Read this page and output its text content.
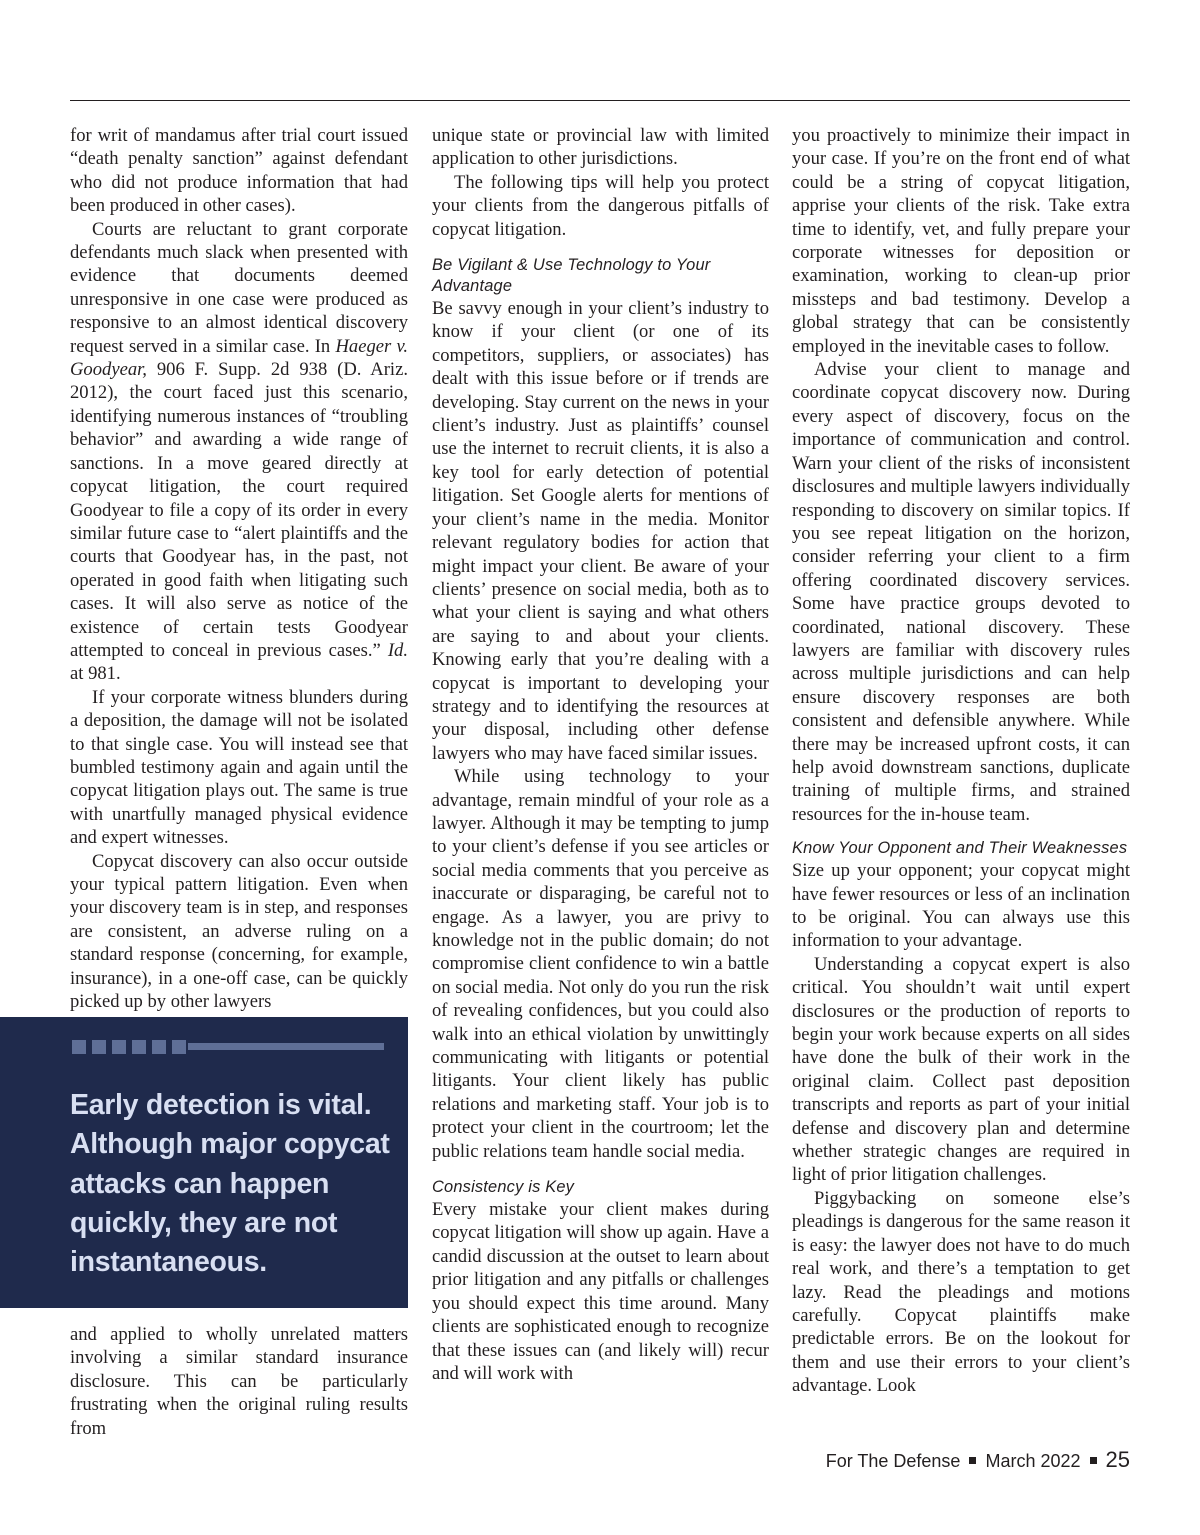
for writ of mandamus after trial court issued “death penalty sanction” against defendant who did not produce information that had been produced in other cases).

Courts are reluctant to grant corporate defendants much slack when presented with evidence that documents deemed unresponsive in one case were produced as responsive to an almost identical discovery request served in a similar case. In Haeger v. Goodyear, 906 F. Supp. 2d 938 (D. Ariz. 2012), the court faced just this scenario, identifying numerous instances of “troubling behavior” and awarding a wide range of sanctions. In a move geared directly at copycat litigation, the court required Goodyear to file a copy of its order in every similar future case to “alert plaintiffs and the courts that Goodyear has, in the past, not operated in good faith when litigating such cases. It will also serve as notice of the existence of certain tests Goodyear attempted to conceal in previous cases.” Id. at 981.

If your corporate witness blunders during a deposition, the damage will not be isolated to that single case. You will instead see that bumbled testimony again and again until the copycat litigation plays out. The same is true with unartfully managed physical evidence and expert witnesses.

Copycat discovery can also occur outside your typical pattern litigation. Even when your discovery team is in step, and responses are consistent, an adverse ruling on a standard response (concerning, for example, insurance), in a one-off case, can be quickly picked up by other lawyers

Early detection is vital. Although major copycat attacks can happen quickly, they are not instantaneous.

and applied to wholly unrelated matters involving a similar standard insurance disclosure. This can be particularly frustrating when the original ruling results from

unique state or provincial law with limited application to other jurisdictions.

The following tips will help you protect your clients from the dangerous pitfalls of copycat litigation.

Be Vigilant & Use Technology to Your Advantage

Be savvy enough in your client’s industry to know if your client (or one of its competitors, suppliers, or associates) has dealt with this issue before or if trends are developing. Stay current on the news in your client’s industry. Just as plaintiffs’ counsel use the internet to recruit clients, it is also a key tool for early detection of potential litigation. Set Google alerts for mentions of your client’s name in the media. Monitor relevant regulatory bodies for action that might impact your client. Be aware of your clients’ presence on social media, both as to what your client is saying and what others are saying to and about your clients. Knowing early that you’re dealing with a copycat is important to developing your strategy and to identifying the resources at your disposal, including other defense lawyers who may have faced similar issues.

While using technology to your advantage, remain mindful of your role as a lawyer. Although it may be tempting to jump to your client’s defense if you see articles or social media comments that you perceive as inaccurate or disparaging, be careful not to engage. As a lawyer, you are privy to knowledge not in the public domain; do not compromise client confidence to win a battle on social media. Not only do you run the risk of revealing confidences, but you could also walk into an ethical violation by unwittingly communicating with litigants or potential litigants. Your client likely has public relations and marketing staff. Your job is to protect your client in the courtroom; let the public relations team handle social media.

Consistency is Key

Every mistake your client makes during copycat litigation will show up again. Have a candid discussion at the outset to learn about prior litigation and any pitfalls or challenges you should expect this time around. Many clients are sophisticated enough to recognize that these issues can (and likely will) recur and will work with

you proactively to minimize their impact in your case. If you’re on the front end of what could be a string of copycat litigation, apprise your clients of the risk. Take extra time to identify, vet, and fully prepare your corporate witnesses for deposition or examination, working to clean-up prior missteps and bad testimony. Develop a global strategy that can be consistently employed in the inevitable cases to follow.

Advise your client to manage and coordinate copycat discovery now. During every aspect of discovery, focus on the importance of communication and control. Warn your client of the risks of inconsistent disclosures and multiple lawyers individually responding to discovery on similar topics. If you see repeat litigation on the horizon, consider referring your client to a firm offering coordinated discovery services. Some have practice groups devoted to coordinated, national discovery. These lawyers are familiar with discovery rules across multiple jurisdictions and can help ensure discovery responses are both consistent and defensible anywhere. While there may be increased upfront costs, it can help avoid downstream sanctions, duplicate training of multiple firms, and strained resources for the in-house team.

Know Your Opponent and Their Weaknesses

Size up your opponent; your copycat might have fewer resources or less of an inclination to be original. You can always use this information to your advantage.

Understanding a copycat expert is also critical. You shouldn’t wait until expert disclosures or the production of reports to begin your work because experts on all sides have done the bulk of their work in the original claim. Collect past deposition transcripts and reports as part of your initial defense and discovery plan and determine whether strategic changes are required in light of prior litigation challenges.

Piggybacking on someone else’s pleadings is dangerous for the same reason it is easy: the lawyer does not have to do much real work, and there’s a temptation to get lazy. Read the pleadings and motions carefully. Copycat plaintiffs make predictable errors. Be on the lookout for them and use their errors to your client’s advantage. Look

For The Defense March 2022 25
